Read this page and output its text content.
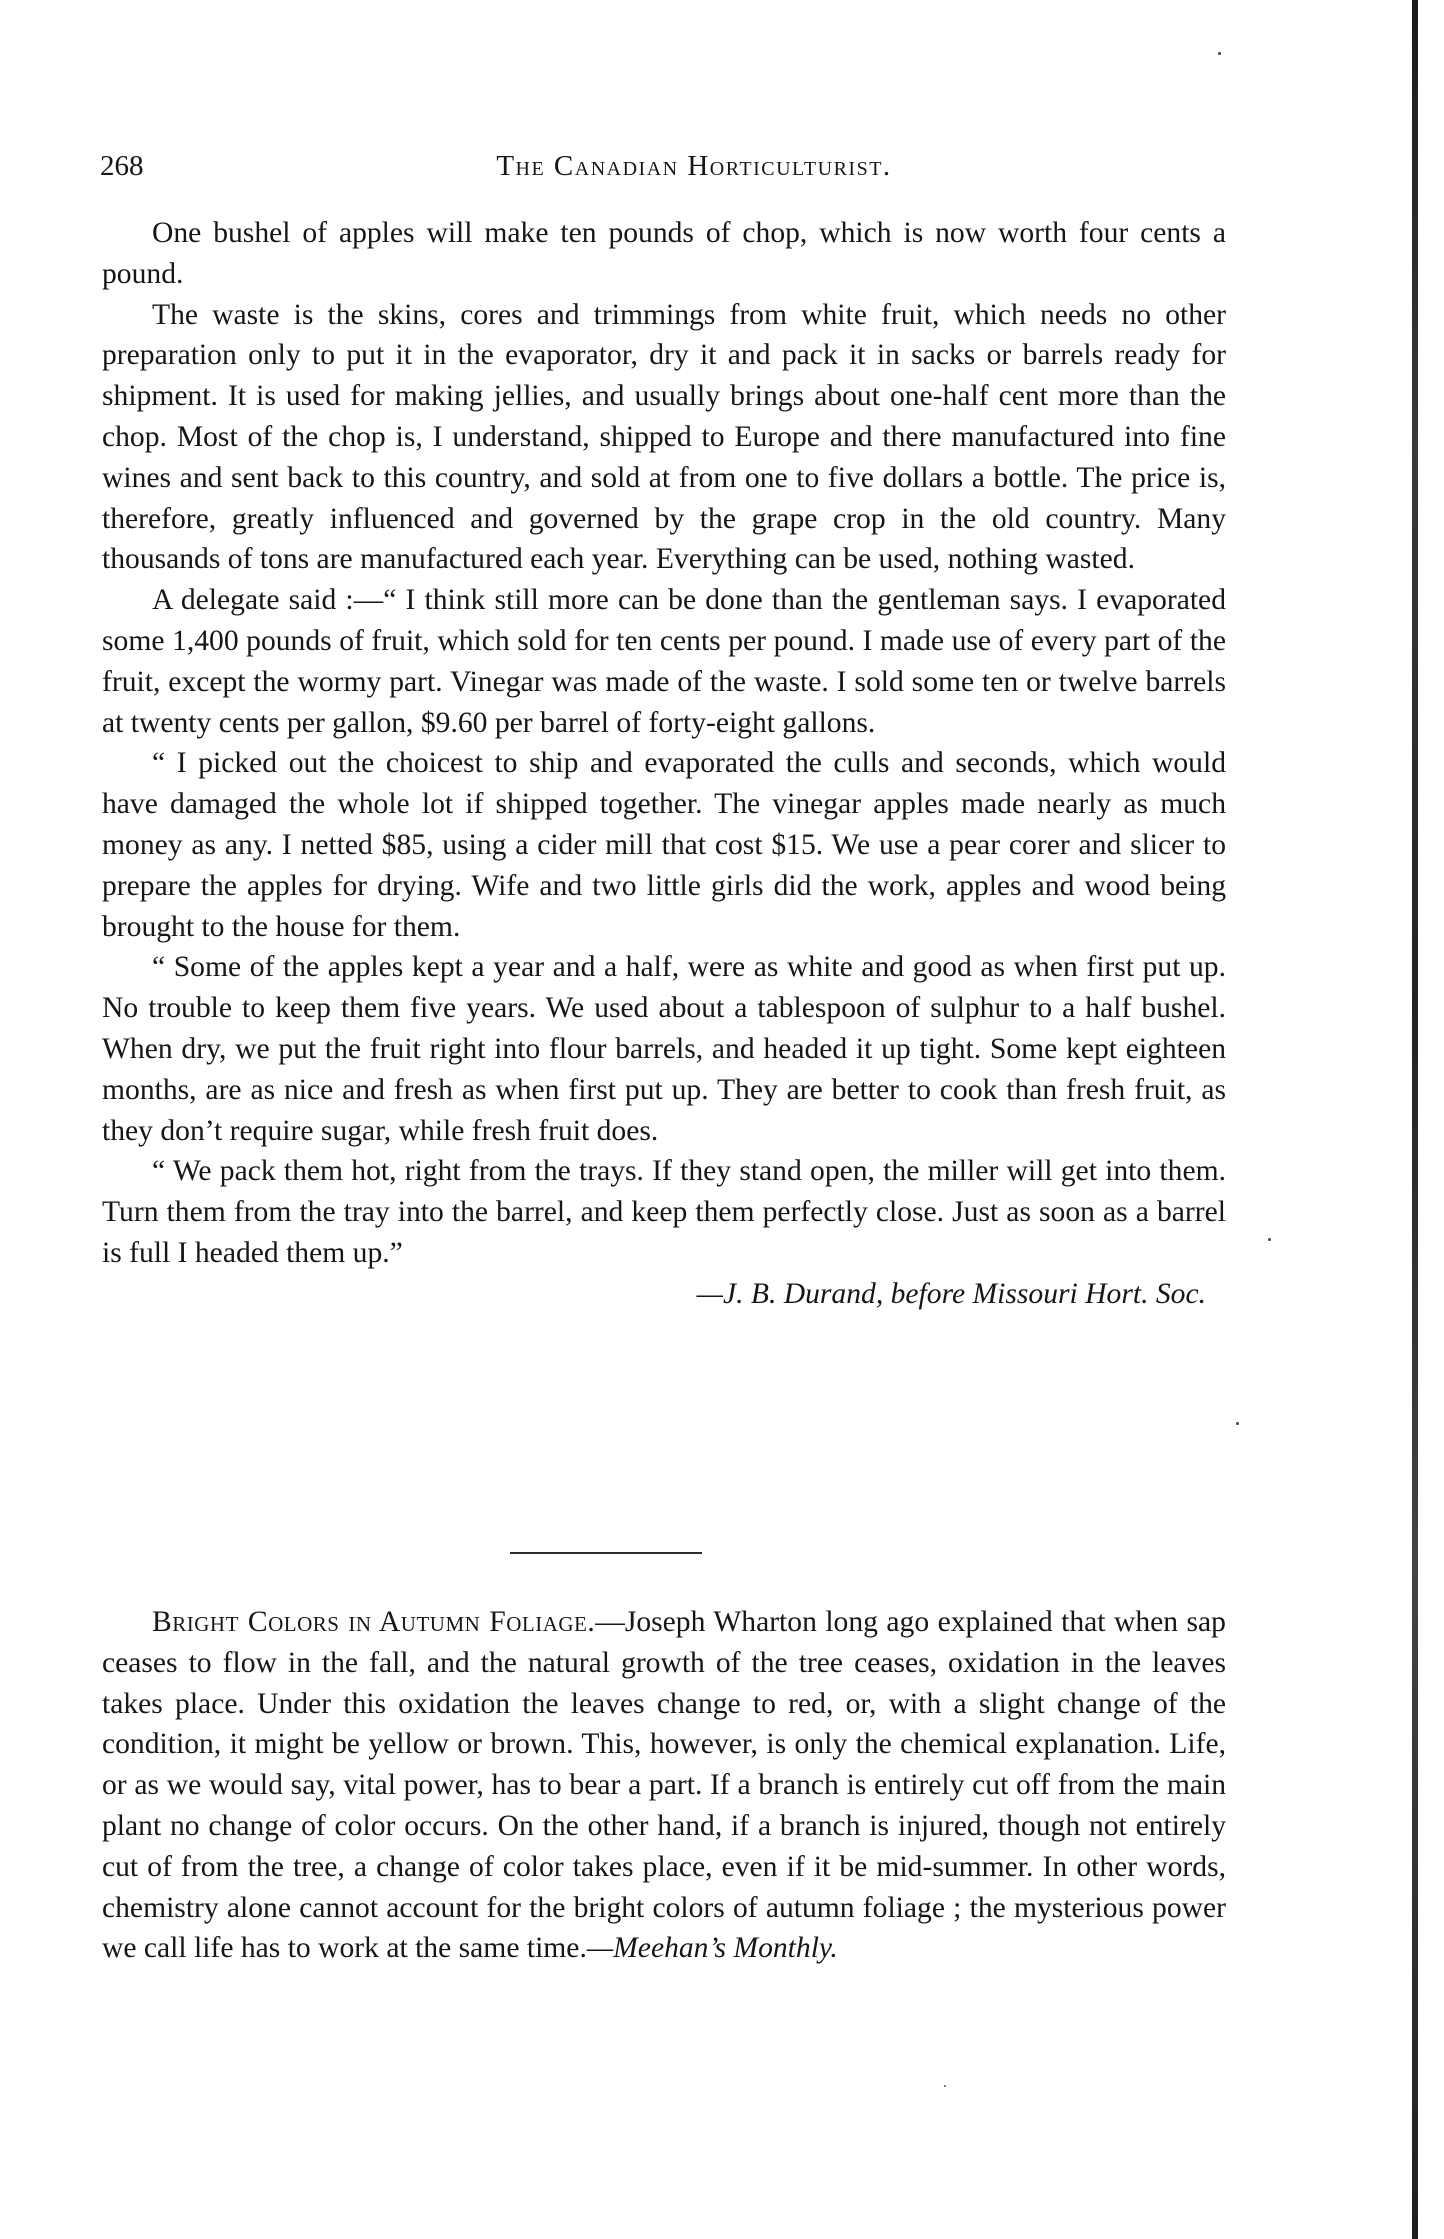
268	The Canadian Horticulturist.

One bushel of apples will make ten pounds of chop, which is now worth four cents a pound.

The waste is the skins, cores and trimmings from white fruit, which needs no other preparation only to put it in the evaporator, dry it and pack it in sacks or barrels ready for shipment. It is used for making jellies, and usually brings about one-half cent more than the chop. Most of the chop is, I understand, shipped to Europe and there manufactured into fine wines and sent back to this country, and sold at from one to five dollars a bottle. The price is, therefore, greatly influenced and governed by the grape crop in the old country. Many thousands of tons are manufactured each year. Everything can be used, nothing wasted.

A delegate said :—“ I think still more can be done than the gentleman says. I evaporated some 1,400 pounds of fruit, which sold for ten cents per pound. I made use of every part of the fruit, except the wormy part. Vinegar was made of the waste. I sold some ten or twelve barrels at twenty cents per gallon, $9.60 per barrel of forty-eight gallons.

“ I picked out the choicest to ship and evaporated the culls and seconds, which would have damaged the whole lot if shipped together. The vinegar apples made nearly as much money as any. I netted $85, using a cider mill that cost $15. We use a pear corer and slicer to prepare the apples for drying. Wife and two little girls did the work, apples and wood being brought to the house for them.

“ Some of the apples kept a year and a half, were as white and good as when first put up. No trouble to keep them five years. We used about a tablespoon of sulphur to a half bushel. When dry, we put the fruit right into flour barrels, and headed it up tight. Some kept eighteen months, are as nice and fresh as when first put up. They are better to cook than fresh fruit, as they don’t require sugar, while fresh fruit does.

“ We pack them hot, right from the trays. If they stand open, the miller will get into them. Turn them from the tray into the barrel, and keep them perfectly close. Just as soon as a barrel is full I headed them up.”

—J. B. Durand, before Missouri Hort. Soc.

Bright Colors in Autumn Foliage.—Joseph Wharton long ago explained that when sap ceases to flow in the fall, and the natural growth of the tree ceases, oxidation in the leaves takes place. Under this oxidation the leaves change to red, or, with a slight change of the condition, it might be yellow or brown. This, however, is only the chemical explanation. Life, or as we would say, vital power, has to bear a part. If a branch is entirely cut off from the main plant no change of color occurs. On the other hand, if a branch is injured, though not entirely cut of from the tree, a change of color takes place, even if it be mid-summer. In other words, chemistry alone cannot account for the bright colors of autumn foliage ; the mysterious power we call life has to work at the same time.—Meehan’s Monthly.
